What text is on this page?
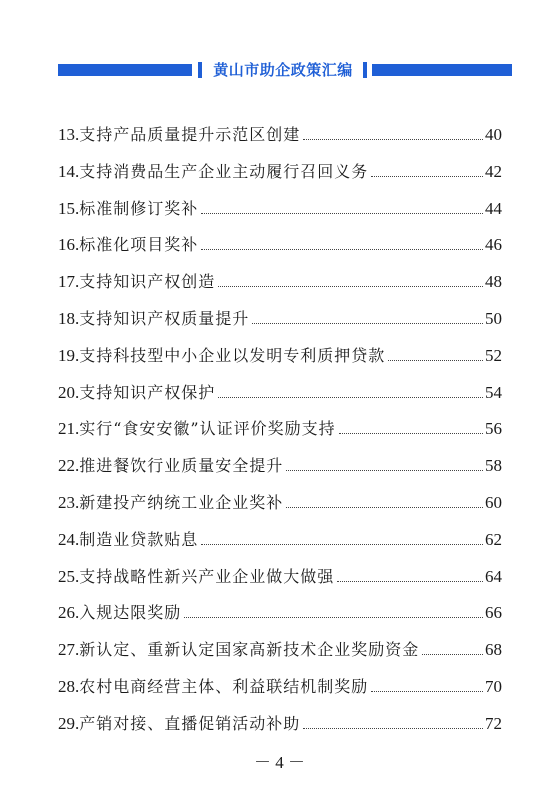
黄山市助企政策汇编
13. 支持产品质量提升示范区创建	40
14. 支持消费品生产企业主动履行召回义务	42
15. 标准制修订奖补	44
16. 标准化项目奖补	46
17. 支持知识产权创造	48
18. 支持知识产权质量提升	50
19. 支持科技型中小企业以发明专利质押贷款	52
20. 支持知识产权保护	54
21. 实行“食安安徽”认证评价奖励支持	56
22. 推进餐饮行业质量安全提升	58
23. 新建投产纳统工业企业奖补	60
24. 制造业贷款贴息	62
25. 支持战略性新兴产业企业做大做强	64
26. 入规达限奖励	66
27. 新认定、重新认定国家高新技术企业奖励资金	68
28. 农村电商经营主体、利益联结机制奖励	70
29. 产销对接、直播促销活动补助	72
－ 4 －
